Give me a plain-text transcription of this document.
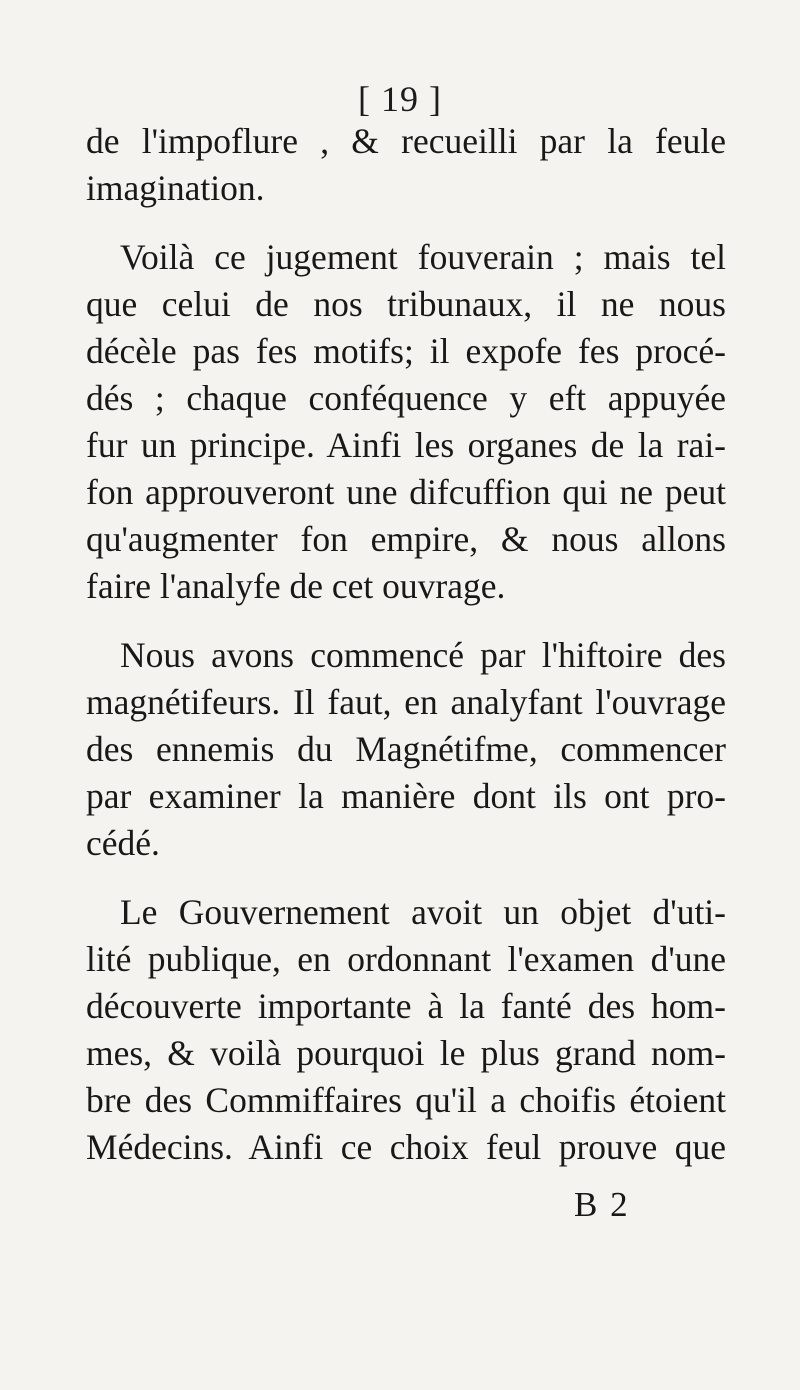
[ 19 ]
de l'impoflure , & recueilli par la feule
imagination.
Voilà ce jugement fouverain ; mais tel
que celui de nos tribunaux, il ne nous
décèle pas fes motifs; il expofe fes procé-
dés ; chaque conféquence y eft appuyée
fur un principe. Ainfi les organes de la rai-
fon approuveront une difcuffion qui ne peut
qu'augmenter fon empire, & nous allons
faire l'analyfe de cet ouvrage.
Nous avons commencé par l'hiftoire des
magnétifeurs. Il faut, en analyfant l'ouvrage
des ennemis du Magnétifme, commencer
par examiner la manière dont ils ont pro-
cédé.
Le Gouvernement avoit un objet d'uti-
lité publique, en ordonnant l'examen d'une
découverte importante à la fanté des hom-
mes, & voilà pourquoi le plus grand nom-
bre des Commiffaires qu'il a choifis étoient
Médecins. Ainfi ce choix feul prouve que
B 2
